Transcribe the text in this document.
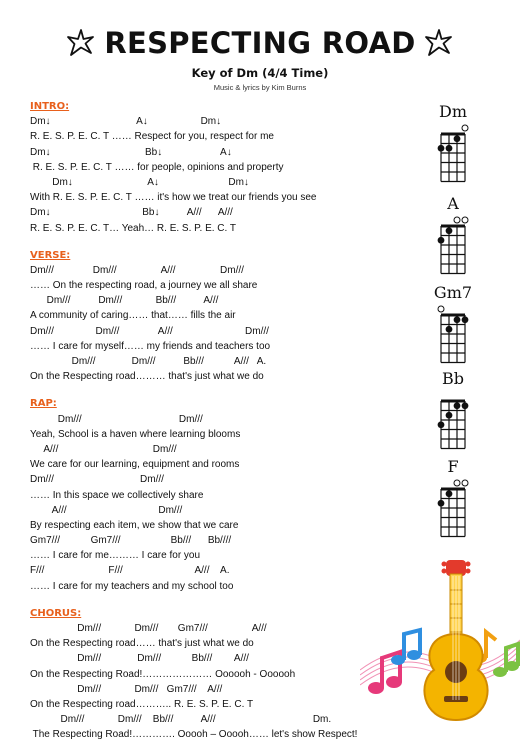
RESPECTING ROAD
Key of Dm (4/4 Time)
Music & lyrics by Kim Burns
INTRO:
Dm↓                               A↓                   Dm↓
R. E. S. P. E. C. T …… Respect for you, respect for me
Dm↓                                  Bb↓                     A↓
R. E. S. P. E. C. T …… for people, opinions and property
Dm↓                           A↓                         Dm↓
With R. E. S. P. E. C. T …… it's how we treat our friends you see
Dm↓                                 Bb↓          A///      A///
R. E. S. P. E. C. T… Yeah… R. E. S. P. E. C. T
VERSE:
Dm///              Dm///                A///                Dm///
…… On the respecting road, a journey we all share
Dm///          Dm///            Bb///          A///
A community of caring…… that…… fills the air
Dm///               Dm///              A///                          Dm///
…… I care for myself…… my friends and teachers too
Dm///             Dm///          Bb///           A///   A.
On the Respecting road……… that's just what we do
RAP:
Dm///                                   Dm///
Yeah, School is a haven where learning blooms
A///                                  Dm///
We care for our learning, equipment and rooms
Dm///                               Dm///
…… In this space we collectively share
A///                                 Dm///
By respecting each item, we show that we care
Gm7///           Gm7///                  Bb///      Bb////
…… I care for me……… I care for you
F///                       F///                          A///    A.
…… I care for my teachers and my school too
CHORUS:
Dm///            Dm///       Gm7///                A///
On the Respecting road…… that's just what we do
Dm///             Dm///           Bb///        A///
On the Respecting Road!………………… Oooooh - Oooooh
Dm///            Dm///   Gm7///    A///
On the Respecting road……….. R. E. S. P. E. C. T
Dm///            Dm///    Bb///          A///                                   Dm.
The Respecting Road!…………. Ooooh – Ooooh…… let's show Respect!
Dm
A
Gm7
Bb
F
